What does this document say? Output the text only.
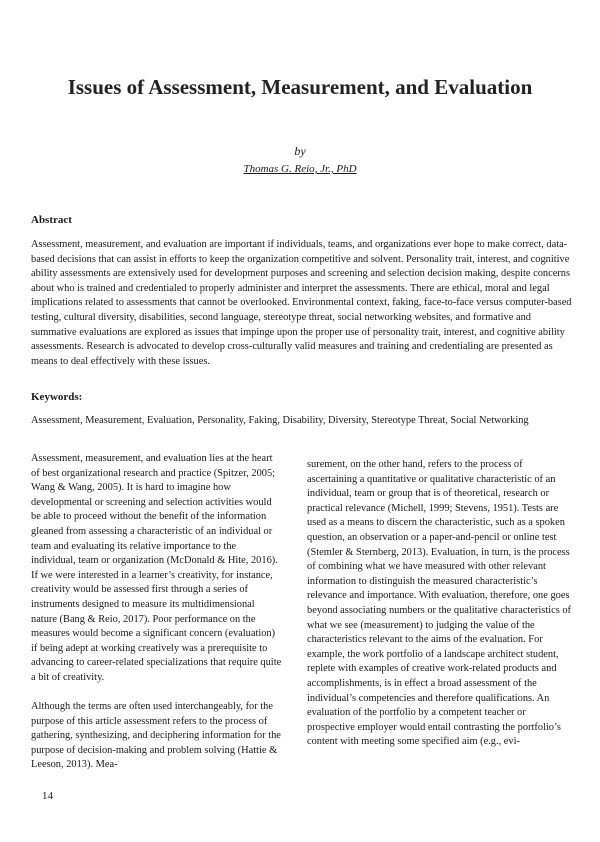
Issues of Assessment, Measurement, and Evaluation
by
Thomas G. Reio, Jr., PhD
Abstract
Assessment, measurement, and evaluation are important if individuals, teams, and organizations ever hope to make correct, data-based decisions that can assist in efforts to keep the organization competitive and solvent. Personality trait, interest, and cognitive ability assessments are extensively used for development purposes and screening and selection decision making, despite concerns about who is trained and credentialed to properly administer and interpret the assessments. There are ethical, moral and legal implications related to assessments that cannot be overlooked. Environmental context, faking, face-to-face versus computer-based testing, cultural diversity, disabilities, second language, stereotype threat, social networking websites, and formative and summative evaluations are explored as issues that impinge upon the proper use of personality trait, interest, and cognitive ability assessments. Research is advocated to develop cross-culturally valid measures and training and credentialing are presented as means to deal effectively with these issues.
Keywords:
Assessment, Measurement, Evaluation, Personality, Faking, Disability, Diversity, Stereotype Threat, Social Networking

Assessment, measurement, and evaluation lies at the heart of best organizational research and practice (Spitzer, 2005; Wang & Wang, 2005). It is hard to imagine how developmental or screening and selection activities would be able to proceed without the benefit of the information gleaned from assessing a characteristic of an individual or team and evaluating its relative importance to the individual, team or organization (McDonald & Hite, 2016). If we were interested in a learner’s creativity, for instance, creativity would be assessed first through a series of instruments designed to measure its multidimensional nature (Bang & Reio, 2017). Poor performance on the measures would become a significant concern (evaluation) if being adept at working creatively was a prerequisite to advancing to career-related specializations that require quite a bit of creativity.

Although the terms are often used interchangeably, for the purpose of this article assessment refers to the process of gathering, synthesizing, and deciphering information for the purpose of decision-making and problem solving (Hattie & Leeson, 2013). Mea-

surement, on the other hand, refers to the process of ascertaining a quantitative or qualitative characteristic of an individual, team or group that is of theoretical, research or practical relevance (Michell, 1999; Stevens, 1951). Tests are used as a means to discern the characteristic, such as a spoken question, an observation or a paper-and-pencil or online test (Stemler & Sternberg, 2013). Evaluation, in turn, is the process of combining what we have measured with other relevant information to distinguish the measured characteristic’s relevance and importance. With evaluation, therefore, one goes beyond associating numbers or the qualitative characteristics of what we see (measurement) to judging the value of the characteristics relevant to the aims of the evaluation. For example, the work portfolio of a landscape architect student, replete with examples of creative work-related products and accomplishments, is in effect a broad assessment of the individual’s competencies and therefore qualifications. An evaluation of the portfolio by a competent teacher or prospective employer would entail contrasting the portfolio’s content with meeting some specified aim (e.g., evi-

14
